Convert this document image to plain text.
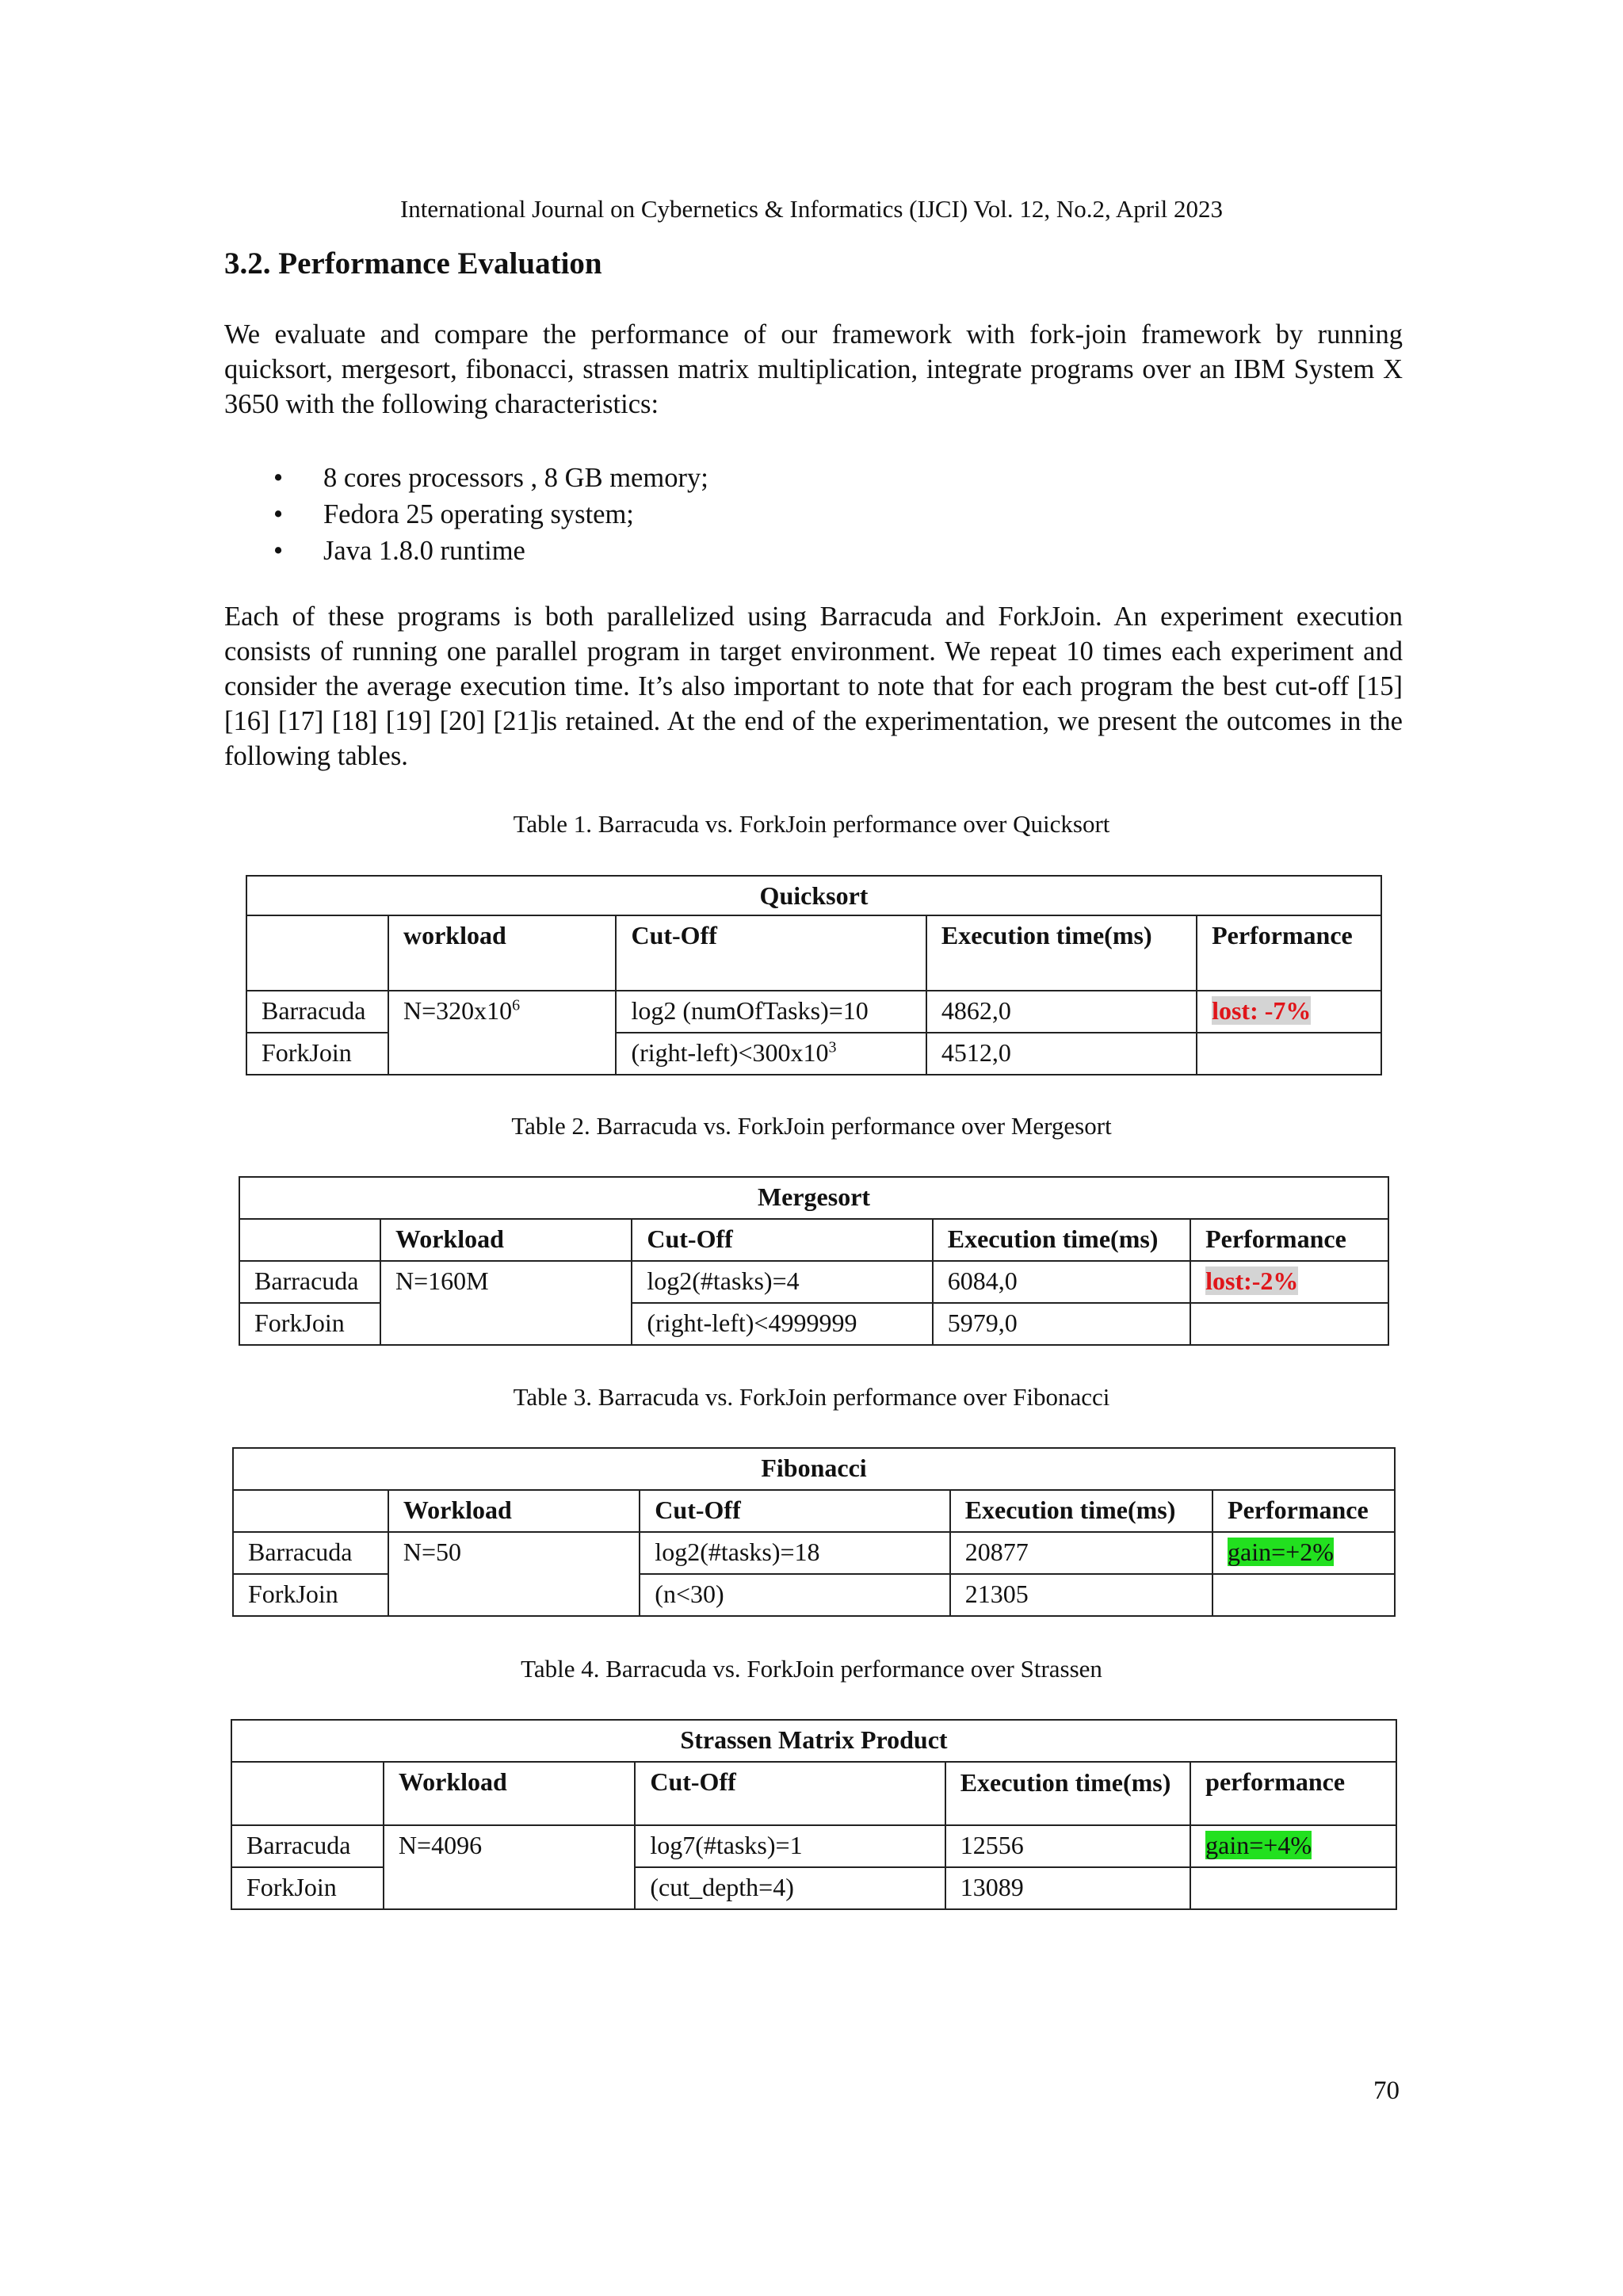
International Journal on Cybernetics & Informatics (IJCI) Vol. 12, No.2, April 2023
3.2. Performance Evaluation
We evaluate and compare the performance of our framework with fork-join framework by running quicksort, mergesort, fibonacci, strassen matrix multiplication, integrate programs over an IBM System X 3650 with the following characteristics:
• 8 cores processors , 8 GB memory;
• Fedora 25 operating system;
• Java 1.8.0 runtime
Each of these programs is both parallelized using Barracuda and ForkJoin. An experiment execution consists of running one parallel program in target environment. We repeat 10 times each experiment and consider the average execution time. It’s also important to note that for each program the best cut-off [15] [16] [17] [18] [19] [20] [21]is retained. At the end of the experimentation, we present the outcomes in the following tables.
Table 1. Barracuda vs. ForkJoin performance over Quicksort
Quicksort				
	workload	Cut-Off	Execution time(ms)	Performance
Barracuda	$N=320x10^6$	log2 (numOfTasks)=10	4862,0	lost: -7%
ForkJoin		$(right-left)<300x10^3$	4512,0	
Table 2. Barracuda vs. ForkJoin performance over Mergesort
Mergesort				
	Workload	Cut-Off	Execution time(ms)	Performance
Barracuda	N=160M	log2(#tasks)=4	6084,0	lost:-2%
ForkJoin		(right-left)<4999999	5979,0	
Table 3. Barracuda vs. ForkJoin performance over Fibonacci
Fibonacci				
	Workload	Cut-Off	Execution time(ms)	Performance
Barracuda	N=50	log2(#tasks)=18	20877	gain=+2%
ForkJoin		(n<30)	21305	
Table 4. Barracuda vs. ForkJoin performance over Strassen
Strassen Matrix Product				
	Workload	Cut-Off	Execution time(ms)	performance
Barracuda	N=4096	log7(#tasks)=1	12556	gain=+4%
ForkJoin		(cut_depth=4)	13089	
70
